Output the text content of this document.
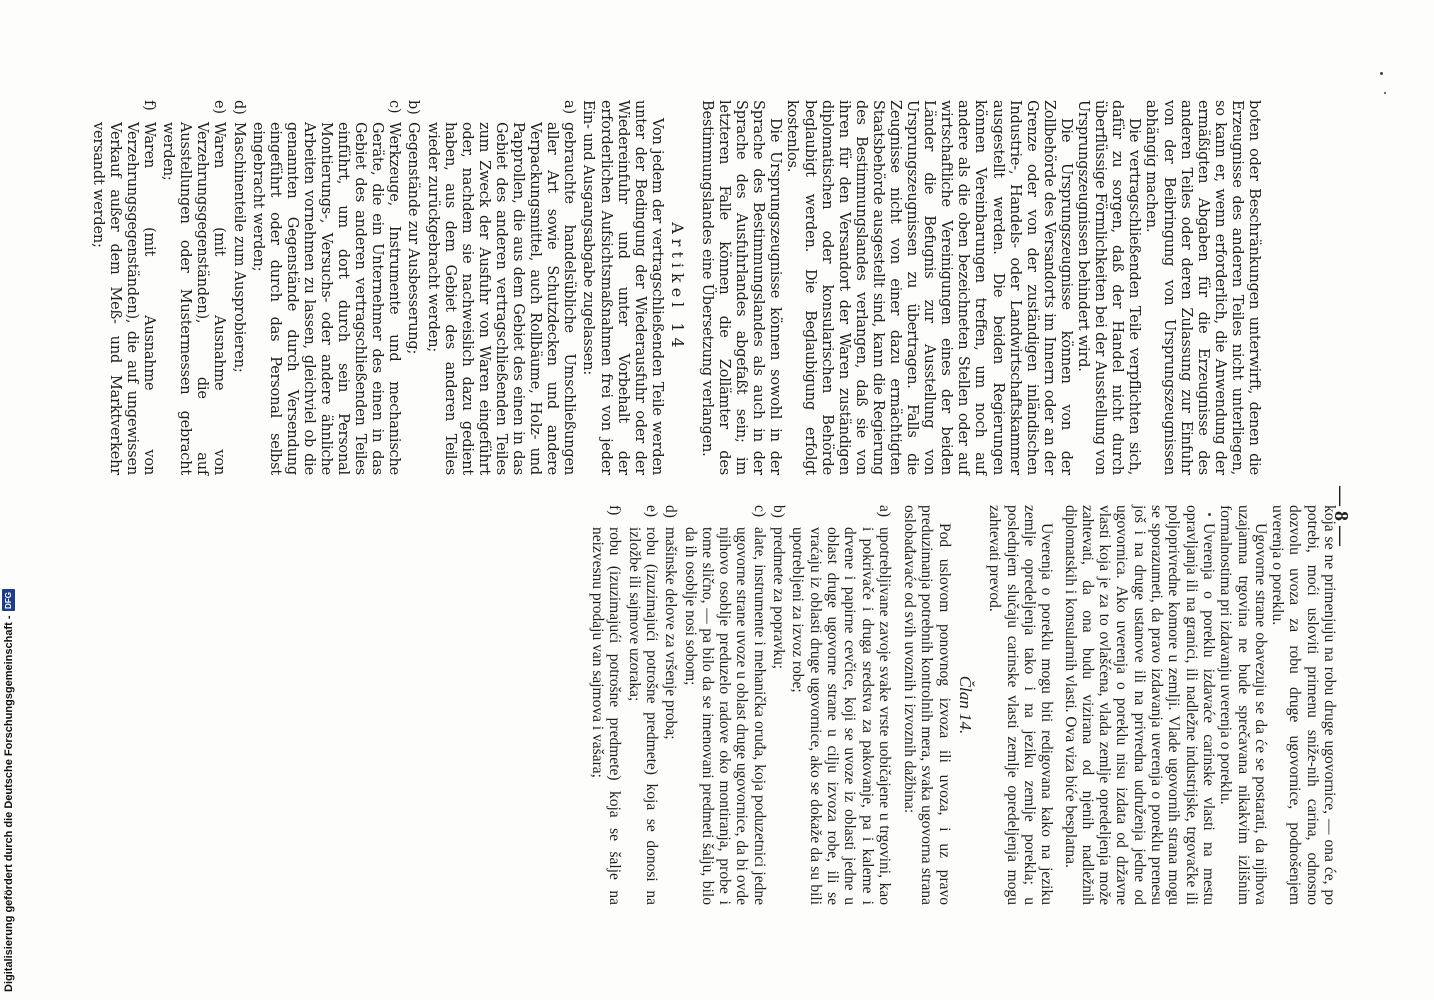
— 8 —

koja se ne primenjuju na robu druge ugovornice, — ona će, po potrebi, moći usloviti primenu sniže-nih carina, odnosno dozvolu uvoza za robu druge ugovornice, podnošenjem uverenja o poreklu.

Ugovorne strane obavezuju se da će se postarati, da njihova uzajamna trgovina ne bude sprečavana nikakvim izlišnim formalnostima pri izdavanju uverenja o poreklu.

Uverenja o poreklu izdavaće carinske vlasti na mestu opravljanja ili na granici, ili nadležne industrijske, trgovačke ili poljoprivredne komore u zemlji. Vlade ugovornih strana mogu se sporazumeti, da pravo izdavanja uverenja o poreklu prenesu još i na druge ustanove ili na privredna udruženja jedne od ugovornica. Ako uverenja o poreklu nisu izdata od državne vlasti koja je za to ovlašćena, vlada zemlje opredeljenja može zahtevati, da ona budu vizirana od njenih nadležnih diplomatskih i konsularnih vlasti. Ova viza biće besplatna.

Uverenja o poreklu mogu biti redigovana kako na jeziku zemlje opredeljenja tako i na jeziku zemlje porekla; u poslednjem slučaju carinske vlasti zemlje opredeljenja mogu zahtevati prevod.

Član 14.

Pod uslovom ponovnog izvoza ili uvoza, i uz pravo preduzimanja potrebnih kontrolnih mera, svaka ugovorna strana oslobađavaće od svih uvoznih i izvoznih dažbina:

a)
upotrebljivane zavoje svake vrste uobičajene u trgovini, kao i pokrivače i druga sredstva za pakovanje, pa i kaleme i drvene i papirne cevčice, koji se uvoze iz oblasti jedne u oblast druge ugovorne strane u cilju izvoza robe, ili se vraćaju iz oblasti druge ugovornice, ako se dokaže da su bili upotrebljeni za izvoz robe;
b)
predmete za popravku;
c)
alate, instrumente i mehanička oruđa, koja poduzetnici jedne ugovorne strane uvoze u oblast druge ugovornice, da bi ovde njihovo osoblje preduzelo radove oko montiranja, probe i tome slično, — pa bilo da se imenovani predmeti šalju, bilo da ih osoblje nosi sobom;
d)
mašinske delove za vršenje proba;
e)
robu (izuzimajući potrošne predmete) koja se donosi na izložbe ili sajmove uzoraka;
f)
robu (izuzimajući potrošne predmete) koja se šalje na neizvesnu prodaju van sajmova i vašara;

boten oder Beschränkungen unterwirft, denen die Erzeugnisse des anderen Teiles nicht unterliegen, so kann er, wenn erforderlich, die Anwendung der ermäßigten Abgaben für die Erzeugnisse des anderen Teiles oder deren Zulassung zur Einfuhr von der Beibringung von Ursprungszeugnissen abhängig machen.

Die vertragschließenden Teile verpflichten sich, dafür zu sorgen, daß der Handel nicht durch überflüssige Förmlichkeiten bei der Ausstellung von Ursprungszeugnissen behindert wird.

Die Ursprungszeugnisse können von der Zollbehörde des Versandorts im Innern oder an der Grenze oder von der zuständigen inländischen Industrie-, Handels- oder Landwirtschaftskammer ausgestellt werden. Die beiden Regierungen können Vereinbarungen treffen, um noch auf andere als die oben bezeichneten Stellen oder auf wirtschaftliche Vereinigungen eines der beiden Länder die Befugnis zur Ausstellung von Ursprungszeugnissen zu übertragen. Falls die Zeugnisse nicht von einer dazu ermächtigten Staatsbehörde ausgestellt sind, kann die Regierung des Bestimmungslandes verlangen, daß sie von ihren für den Versandort der Waren zuständigen diplomatischen oder konsularischen Behörde beglaubigt werden. Die Beglaubigung erfolgt kostenlos.

Die Ursprungszeugnisse können sowohl in der Sprache des Bestimmungslandes als auch in der Sprache des Ausfuhrlandes abgefaßt sein; im letzteren Falle können die Zollämter des Bestimmungslandes eine Übersetzung verlangen.

Artikel 14

Von jedem der vertragschließenden Teile werden unter der Bedingung der Wiederausfuhr oder der Wiedereinfuhr und unter Vorbehalt der erforderlichen Aufsichtsmaßnahmen frei von jeder Ein- und Ausgangsabgabe zugelassen:

a)
gebrauchte handelsübliche Umschließungen aller Art sowie Schutzdecken und andere Verpackungsmittel, auch Rollbäume, Holz- und Papprollen, die aus dem Gebiet des einen in das Gebiet des anderen vertragschließenden Teiles zum Zweck der Ausfuhr von Waren eingeführt oder, nachdem sie nachweislich dazu gedient haben, aus dem Gebiet des anderen Teiles wieder zurückgebracht werden;
b)
Gegenstände zur Ausbesserung;
c)
Werkzeuge, Instrumente und mechanische Geräte, die ein Unternehmer des einen in das Gebiet des anderen vertragschließenden Teiles einführt, um dort durch sein Personal Montierungs-, Versuchs- oder andere ähnliche Arbeiten vornehmen zu lassen, gleichviel ob die genannten Gegenstände durch Versendung eingeführt oder durch das Personal selbst eingebracht werden;
d)
Maschinenteile zum Ausprobieren;
e)
Waren (mit Ausnahme von Verzehrungsgegenständen), die auf Ausstellungen oder Mustermessen gebracht werden;
f)
Waren (mit Ausnahme von Verzehrungsgegenständen), die auf ungewissen Verkauf außer dem Meß- und Marktverkehr versandt werden;
Digitalisierung gefördert durch die Deutsche Forschungsgemeinschaft -
DFG
